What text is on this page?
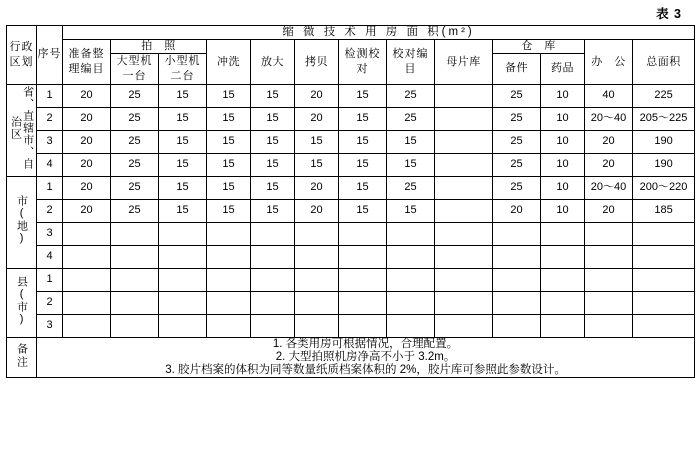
表 3
行政区划	序号	缩 微 技 术 用 房 面 积(m²)												
		准备整理编目	拍　照		冲洗	放大	拷贝	检测校对	校对编目	母片库	仓　库		办　公	总面积
			大型机一台	小型机二台							备件	药品		
省、直辖市、自治区	1	20	25	15	15	15	20	15	25		25	10	40	225
	2	20	25	15	15	15	20	15	25		25	10	20～40	205～225
	3	20	25	15	15	15	15	15	15		25	10	20	190
	4	20	25	15	15	15	15	15	15		25	10	20	190
市(地)	1	20	25	15	15	15	20	15	25		25	10	20～40	200～220
	2	20	25	15	15	15	20	15	15		20	10	20	185
	3													
	4													
县(市)	1													
	2													
	3													
备注	1. 各类用房可根据情况，合理配置。
2. 大型拍照机房净高不小于 3.2m。
3. 胶片档案的体积为同等数量纸质档案体积的 2%，胶片库可参照此参数设计。													
